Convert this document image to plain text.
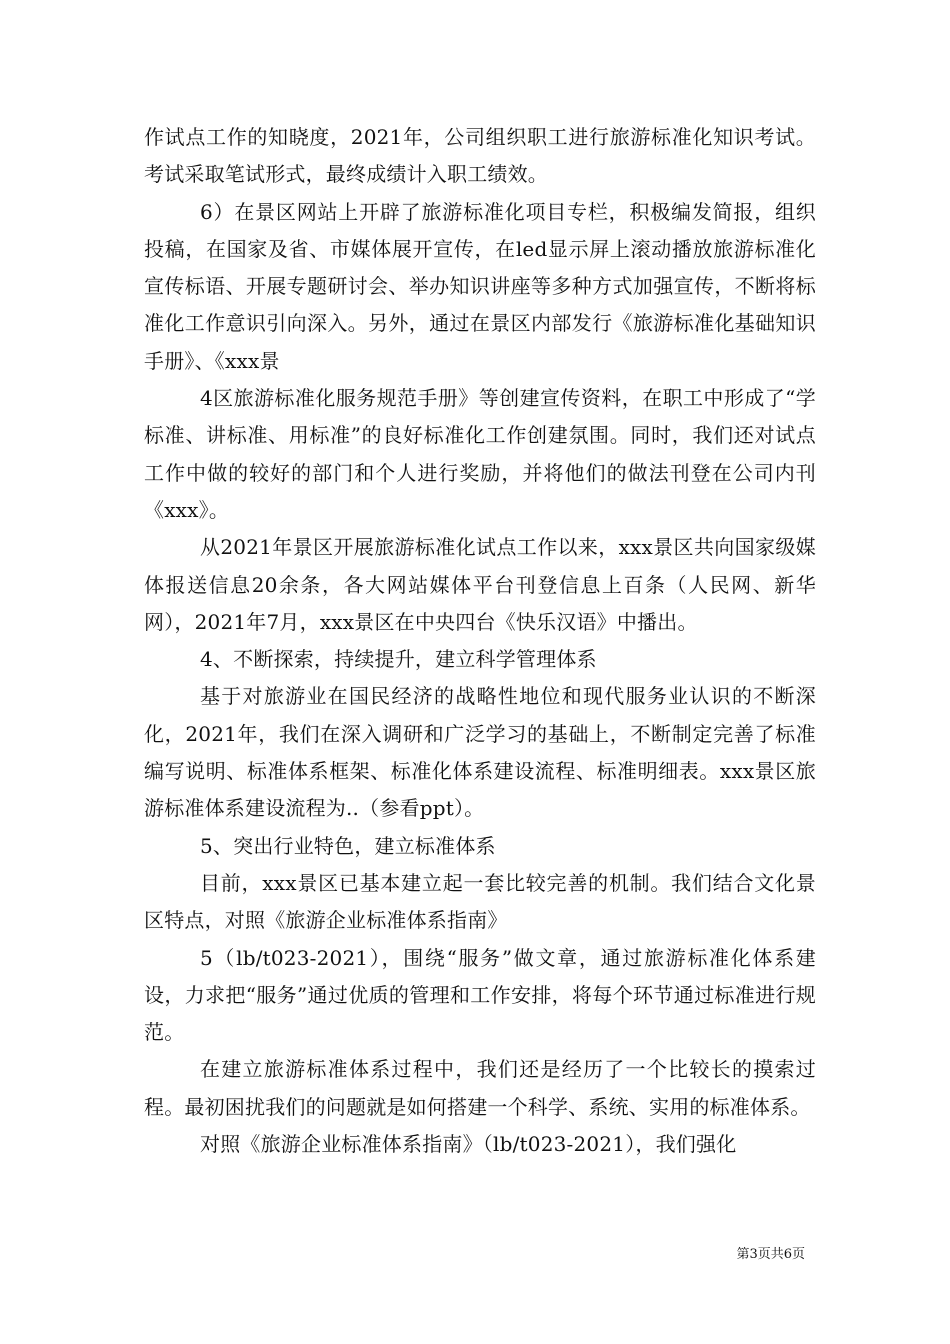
作试点工作的知晓度，2021年，公司组织职工进行旅游标准化知识考试。考试采取笔试形式，最终成绩计入职工绩效。

6）在景区网站上开辟了旅游标准化项目专栏，积极编发简报，组织投稿，在国家及省、市媒体展开宣传，在led显示屏上滚动播放旅游标准化宣传标语、开展专题研讨会、举办知识讲座等多种方式加强宣传，不断将标准化工作意识引向深入。另外，通过在景区内部发行《旅游标准化基础知识手册》、《xxx景

4区旅游标准化服务规范手册》等创建宣传资料，在职工中形成了“学标准、讲标准、用标准”的良好标准化工作创建氛围。同时，我们还对试点工作中做的较好的部门和个人进行奖励，并将他们的做法刊登在公司内刊《xxx》。

从2021年景区开展旅游标准化试点工作以来，xxx景区共向国家级媒体报送信息20余条，各大网站媒体平台刊登信息上百条（人民网、新华网），2021年7月，xxx景区在中央四台《快乐汉语》中播出。

4、不断探索，持续提升，建立科学管理体系

基于对旅游业在国民经济的战略性地位和现代服务业认识的不断深化，2021年，我们在深入调研和广泛学习的基础上，不断制定完善了标准编写说明、标准体系框架、标准化体系建设流程、标准明细表。xxx景区旅游标准体系建设流程为..（参看ppt）。

5、突出行业特色，建立标准体系

目前，xxx景区已基本建立起一套比较完善的机制。我们结合文化景区特点，对照《旅游企业标准体系指南》

5（lb/t023-2021），围绕“服务”做文章，通过旅游标准化体系建设，力求把“服务”通过优质的管理和工作安排，将每个环节通过标准进行规范。

在建立旅游标准体系过程中，我们还是经历了一个比较长的摸索过程。最初困扰我们的问题就是如何搭建一个科学、系统、实用的标准体系。

对照《旅游企业标准体系指南》（lb/t023-2021），我们强化

第3页共6页
